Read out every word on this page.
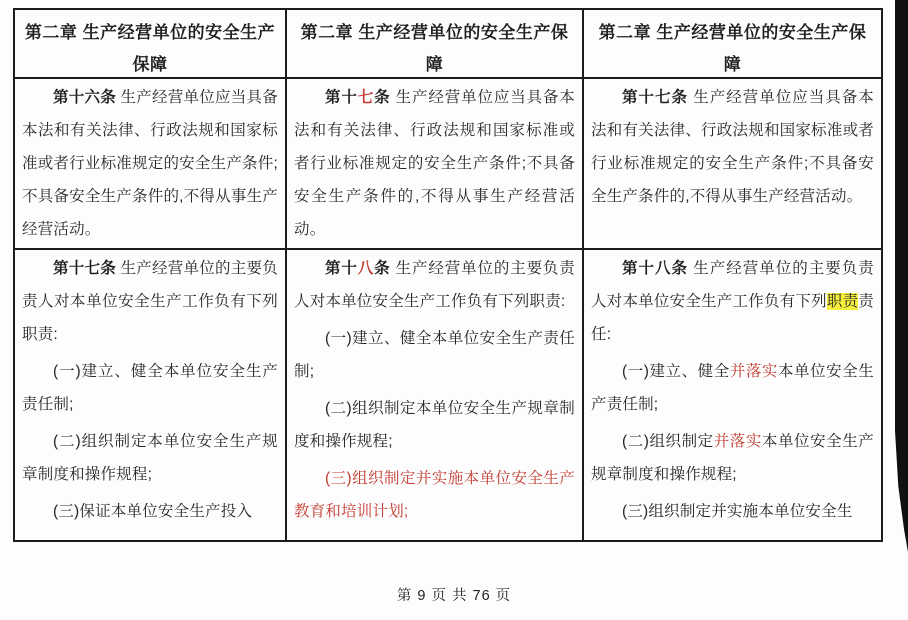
第二章 生产经营单位的安全生产保障
第二章 生产经营单位的安全生产保障
第二章 生产经营单位的安全生产保障

第十六条 生产经营单位应当具备本法和有关法律、行政法规和国家标准或者行业标准规定的安全生产条件;不具备安全生产条件的,不得从事生产经营活动。

第十七条 生产经营单位应当具备本法和有关法律、行政法规和国家标准或者行业标准规定的安全生产条件;不具备安全生产条件的,不得从事生产经营活动。

第十七条 生产经营单位应当具备本法和有关法律、行政法规和国家标准或者行业标准规定的安全生产条件;不具备安全生产条件的,不得从事生产经营活动。

第十七条 生产经营单位的主要负责人对本单位安全生产工作负有下列职责:

(一)建立、健全本单位安全生产责任制;

(二)组织制定本单位安全生产规章制度和操作规程;

(三)保证本单位安全生产投入

第十八条 生产经营单位的主要负责人对本单位安全生产工作负有下列职责:

(一)建立、健全本单位安全生产责任制;

(二)组织制定本单位安全生产规章制度和操作规程;

(三)组织制定并实施本单位安全生产教育和培训计划;

第十八条 生产经营单位的主要负责人对本单位安全生产工作负有下列职责责任:

(一)建立、健全并落实本单位安全生产责任制;

(二)组织制定并落实本单位安全生产规章制度和操作规程;

(三)组织制定并实施本单位安全生

第 9 页 共 76 页
